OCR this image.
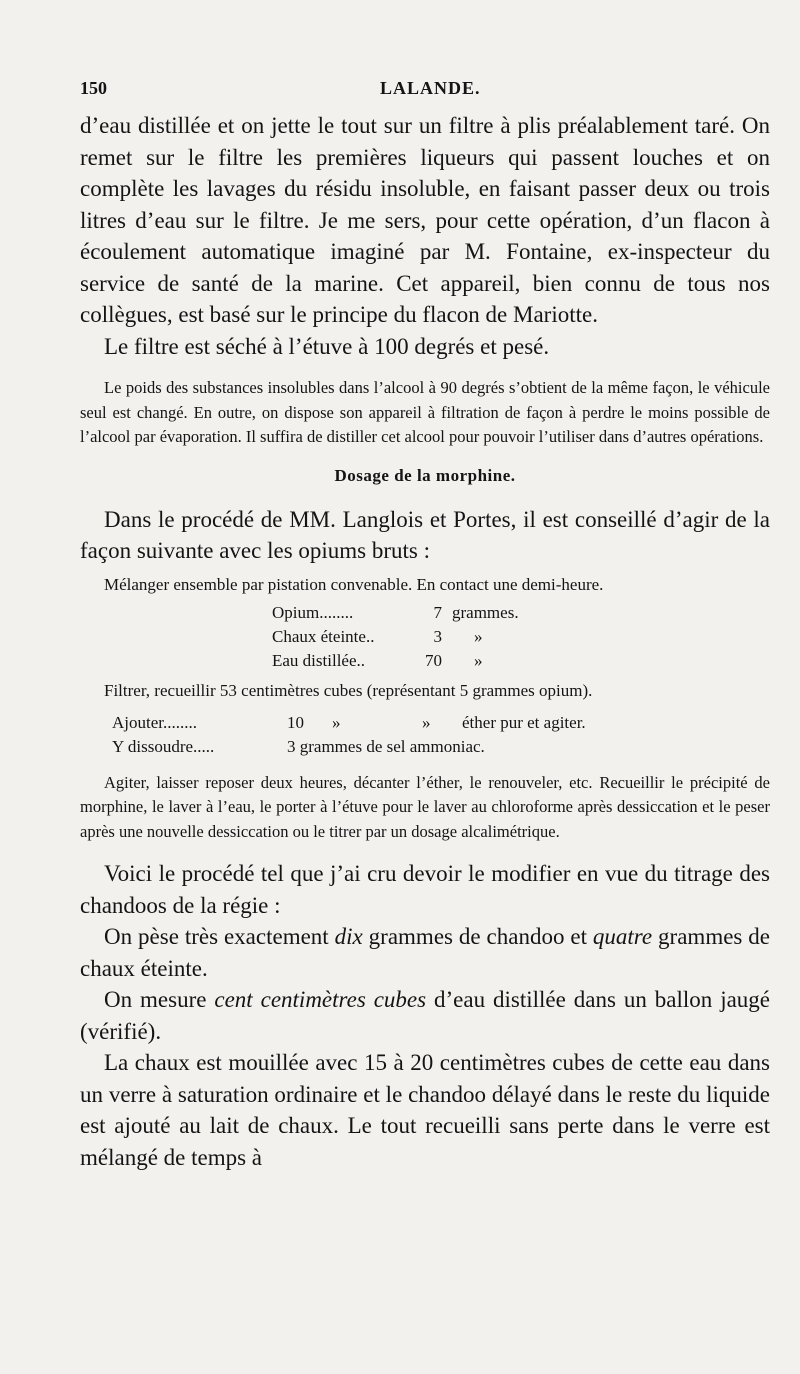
150	LALANDE.

d’eau distillée et on jette le tout sur un filtre à plis préalablement taré. On remet sur le filtre les premières liqueurs qui passent louches et on complète les lavages du résidu insoluble, en faisant passer deux ou trois litres d’eau sur le filtre. Je me sers, pour cette opération, d’un flacon à écoulement automatique imaginé par M. Fontaine, ex-inspecteur du service de santé de la marine. Cet appareil, bien connu de tous nos collègues, est basé sur le principe du flacon de Mariotte.

Le filtre est séché à l’étuve à 100 degrés et pesé.

Le poids des substances insolubles dans l’alcool à 90 degrés s’obtient de la même façon, le véhicule seul est changé. En outre, on dispose son appareil à filtration de façon à perdre le moins possible de l’alcool par évaporation. Il suffira de distiller cet alcool pour pouvoir l’utiliser dans d’autres opérations.

Dosage de la morphine.

Dans le procédé de MM. Langlois et Portes, il est conseillé d’agir de la façon suivante avec les opiums bruts :

Mélanger ensemble par pistation convenable. En contact une demi-heure.

Opium........	7	grammes.
Chaux éteinte..	3	»
Eau distillée..	70	»

Filtrer, recueillir 53 centimètres cubes (représentant 5 grammes opium).

Ajouter........	10	»	»	éther pur et agiter.
Y dissoudre.....	3 grammes de sel ammoniac.

Agiter, laisser reposer deux heures, décanter l’éther, le renouveler, etc. Recueillir le précipité de morphine, le laver à l’eau, le porter à l’étuve pour le laver au chloroforme après dessiccation et le peser après une nouvelle dessiccation ou le titrer par un dosage alcalimétrique.

Voici le procédé tel que j’ai cru devoir le modifier en vue du titrage des chandoos de la régie :

On pèse très exactement dix grammes de chandoo et quatre grammes de chaux éteinte.

On mesure cent centimètres cubes d’eau distillée dans un ballon jaugé (vérifié).

La chaux est mouillée avec 15 à 20 centimètres cubes de cette eau dans un verre à saturation ordinaire et le chandoo délayé dans le reste du liquide est ajouté au lait de chaux. Le tout recueilli sans perte dans le verre est mélangé de temps à
